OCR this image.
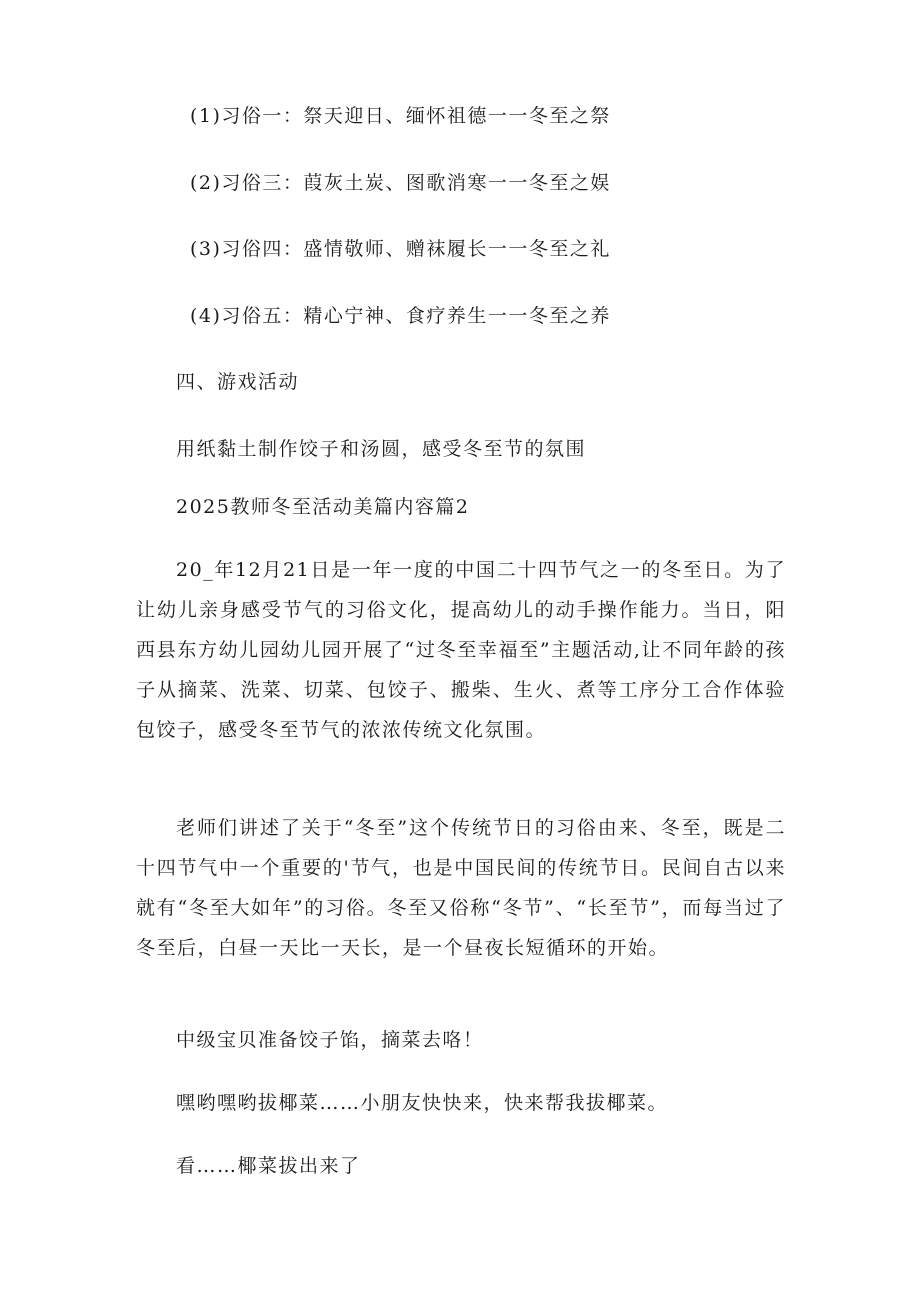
(1)习俗一：祭天迎日、缅怀祖德一一冬至之祭

(2)习俗三：葭灰土炭、图歌消寒一一冬至之娱

(3)习俗四：盛情敬师、赠袜履长一一冬至之礼

(4)习俗五：精心宁神、食疗养生一一冬至之养

四、游戏活动

用纸黏土制作饺子和汤圆，感受冬至节的氛围

2025教师冬至活动美篇内容篇2

20_年12月21日是一年一度的中国二十四节气之一的冬至日。为了让幼儿亲身感受节气的习俗文化，提高幼儿的动手操作能力。当日，阳西县东方幼儿园幼儿园开展了“过冬至幸福至”主题活动,让不同年龄的孩子从摘菜、洗菜、切菜、包饺子、搬柴、生火、煮等工序分工合作体验包饺子，感受冬至节气的浓浓传统文化氛围。

老师们讲述了关于“冬至”这个传统节日的习俗由来、冬至，既是二十四节气中一个重要的'节气，也是中国民间的传统节日。民间自古以来就有“冬至大如年”的习俗。冬至又俗称“冬节”、“长至节”，而每当过了冬至后，白昼一天比一天长，是一个昼夜长短循环的开始。

中级宝贝准备饺子馅，摘菜去咯！

嘿哟嘿哟拔椰菜……小朋友快快来，快来帮我拔椰菜。

看……椰菜拔出来了
